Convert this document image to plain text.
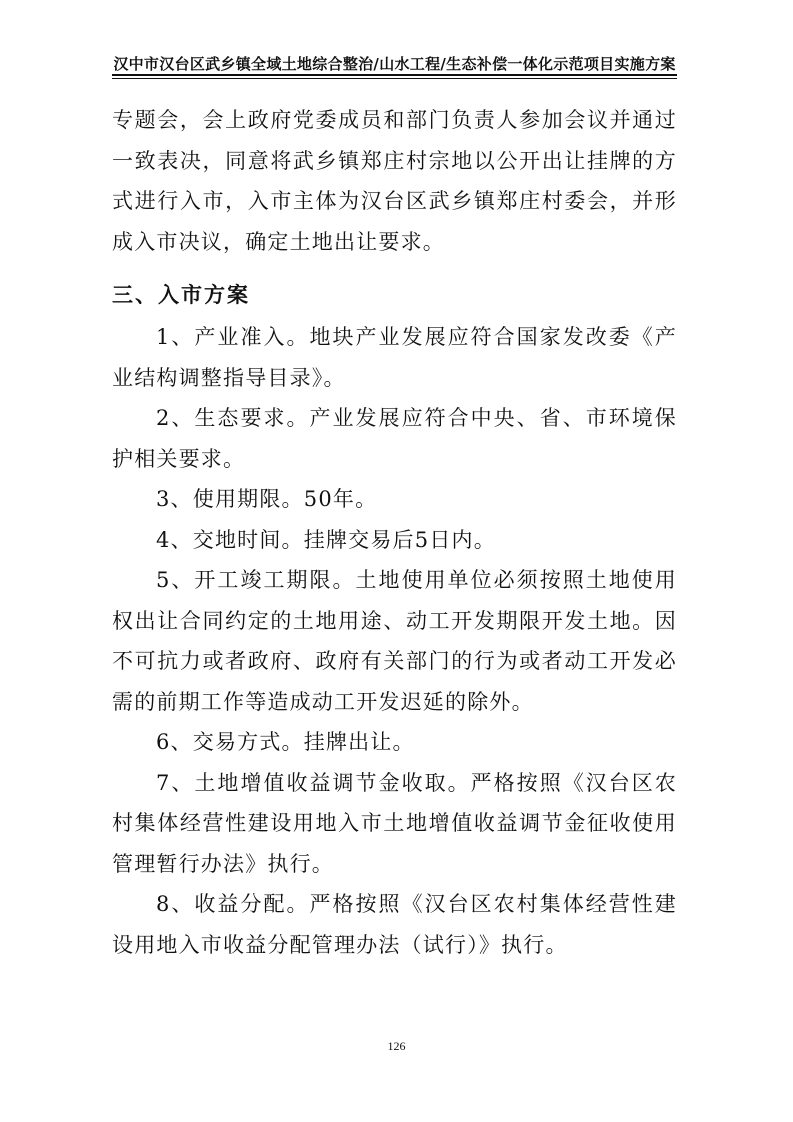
汉中市汉台区武乡镇全域土地综合整治/山水工程/生态补偿一体化示范项目实施方案

专题会，会上政府党委成员和部门负责人参加会议并通过一致表决，同意将武乡镇郑庄村宗地以公开出让挂牌的方式进行入市，入市主体为汉台区武乡镇郑庄村委会，并形成入市决议，确定土地出让要求。

三、入市方案

1、产业准入。地块产业发展应符合国家发改委《产业结构调整指导目录》。

2、生态要求。产业发展应符合中央、省、市环境保护相关要求。

3、使用期限。50年。

4、交地时间。挂牌交易后5日内。

5、开工竣工期限。土地使用单位必须按照土地使用权出让合同约定的土地用途、动工开发期限开发土地。因不可抗力或者政府、政府有关部门的行为或者动工开发必需的前期工作等造成动工开发迟延的除外。

6、交易方式。挂牌出让。

7、土地增值收益调节金收取。严格按照《汉台区农村集体经营性建设用地入市土地增值收益调节金征收使用管理暂行办法》执行。

8、收益分配。严格按照《汉台区农村集体经营性建设用地入市收益分配管理办法（试行）》执行。

126
